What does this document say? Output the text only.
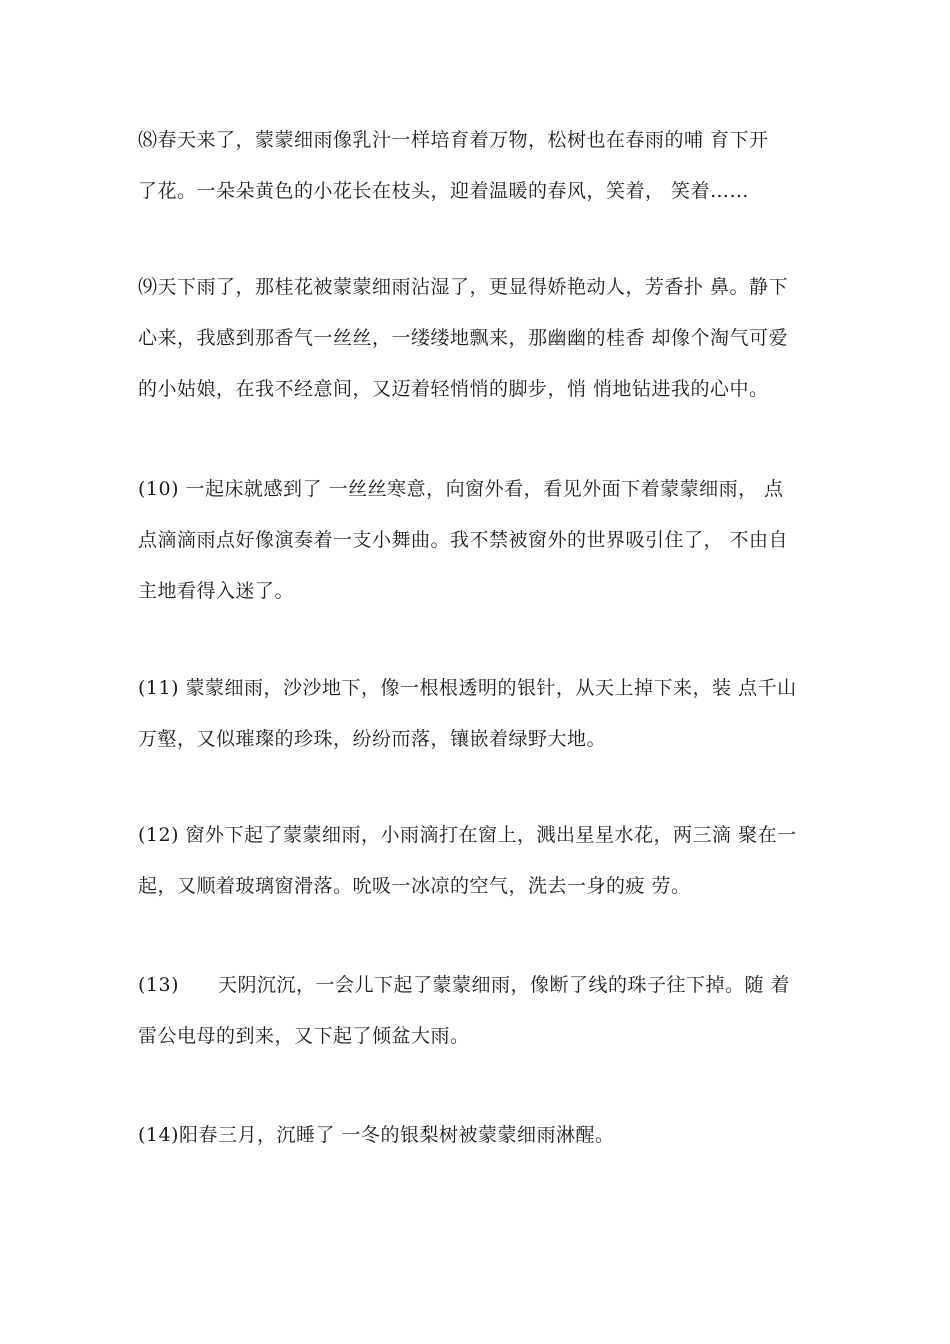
⑻春天来了，蒙蒙细雨像乳汁一样培育着万物，松树也在春雨的哺 育下开
了花。一朵朵黄色的小花长在枝头，迎着温暖的春风，笑着， 笑着……

⑼天下雨了，那桂花被蒙蒙细雨沾湿了，更显得娇艳动人，芳香扑 鼻。静下
心来，我感到那香气一丝丝，一缕缕地飘来，那幽幽的桂香 却像个淘气可爱
的小姑娘，在我不经意间，又迈着轻悄悄的脚步，悄 悄地钻进我的心中。

(10) 一起床就感到了 一丝丝寒意，向窗外看，看见外面下着蒙蒙细雨， 点
点滴滴雨点好像演奏着一支小舞曲。我不禁被窗外的世界吸引住了， 不由自
主地看得入迷了。

(11) 蒙蒙细雨，沙沙地下，像一根根透明的银针，从天上掉下来，装 点千山
万壑，又似璀璨的珍珠，纷纷而落，镶嵌着绿野大地。

(12) 窗外下起了蒙蒙细雨，小雨滴打在窗上，溅出星星水花，两三滴 聚在一
起，又顺着玻璃窗滑落。吮吸一冰凉的空气，洗去一身的疲 劳。

(13)　　天阴沉沉，一会儿下起了蒙蒙细雨，像断了线的珠子往下掉。随 着
雷公电母的到来，又下起了倾盆大雨。

(14)阳春三月，沉睡了 一冬的银梨树被蒙蒙细雨淋醒。
